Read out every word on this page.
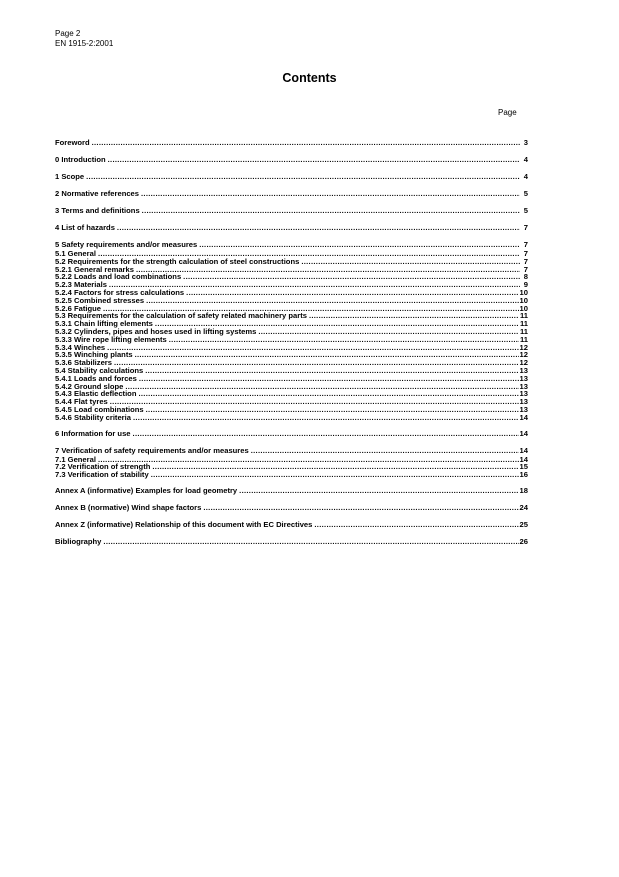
Page 2
EN 1915-2:2001
Contents
Page
Foreword .....	3
0 Introduction .....	4
1 Scope .....	4
2 Normative references .....	5
3 Terms and definitions .....	5
4 List of hazards .....	7
5 Safety requirements and/or measures .....	7
5.1 General .....	7
5.2 Requirements for the strength calculation of steel constructions .....	7
5.2.1 General remarks .....	7
5.2.2 Loads and load combinations .....	8
5.2.3 Materials .....	9
5.2.4 Factors for stress calculations .....	10
5.2.5 Combined stresses .....	10
5.2.6 Fatigue .....	10
5.3 Requirements for the calculation of safety related machinery parts .....	11
5.3.1 Chain lifting elements .....	11
5.3.2 Cylinders, pipes and hoses used in lifting systems .....	11
5.3.3 Wire rope lifting elements .....	11
5.3.4 Winches .....	12
5.3.5 Winching plants .....	12
5.3.6 Stabilizers .....	12
5.4 Stability calculations .....	13
5.4.1 Loads and forces .....	13
5.4.2 Ground slope .....	13
5.4.3 Elastic deflection .....	13
5.4.4 Flat tyres .....	13
5.4.5 Load combinations .....	13
5.4.6 Stability criteria .....	14
6 Information for use .....	14
7 Verification of safety requirements and/or measures .....	14
7.1 General .....	14
7.2 Verification of strength .....	15
7.3 Verification of stability .....	16
Annex A (informative) Examples for load geometry .....	18
Annex B (normative) Wind shape factors .....	24
Annex Z (informative) Relationship of this document with EC Directives .....	25
Bibliography .....	26
